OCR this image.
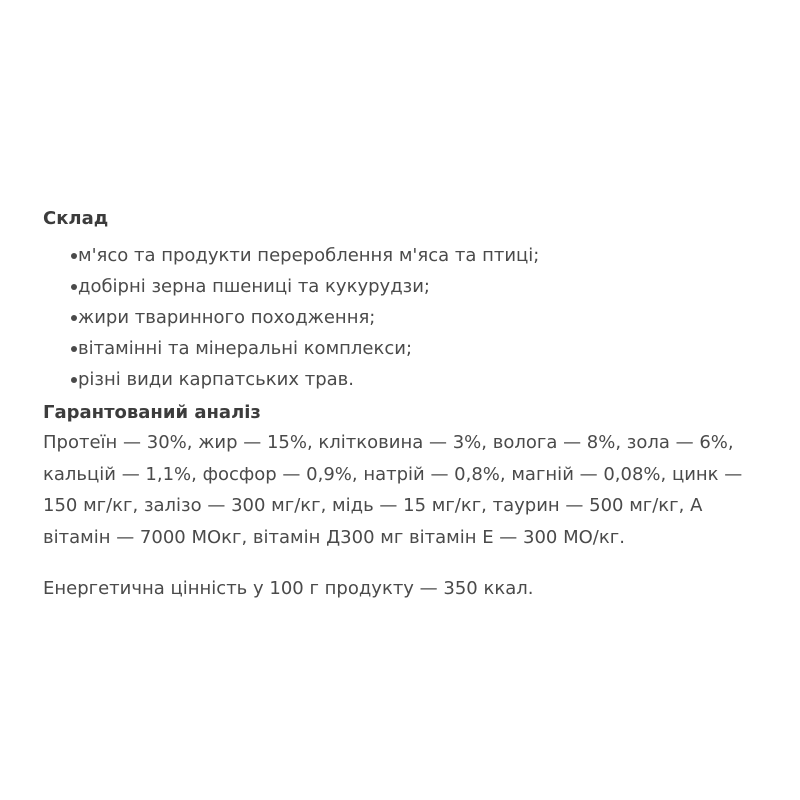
Склад
м'ясо та продукти перероблення м'яса та птиці;
добірні зерна пшениці та кукурудзи;
жири тваринного походження;
вітамінні та мінеральні комплекси;
різні види карпатських трав.
Гарантований аналіз

Протеїн — 30%, жир — 15%, клітковина — 3%, волога — 8%, зола — 6%, кальцій — 1,1%, фосфор — 0,9%, натрій — 0,8%, магній — 0,08%, цинк — 150 мг/кг, залізо — 300 мг/кг, мідь — 15 мг/кг, таурин — 500 мг/кг, А вітамін — 7000 МОкг, вітамін Д300 мг вітамін Е — 300 МО/кг.

Енергетична цінність у 100 г продукту — 350 ккал.
